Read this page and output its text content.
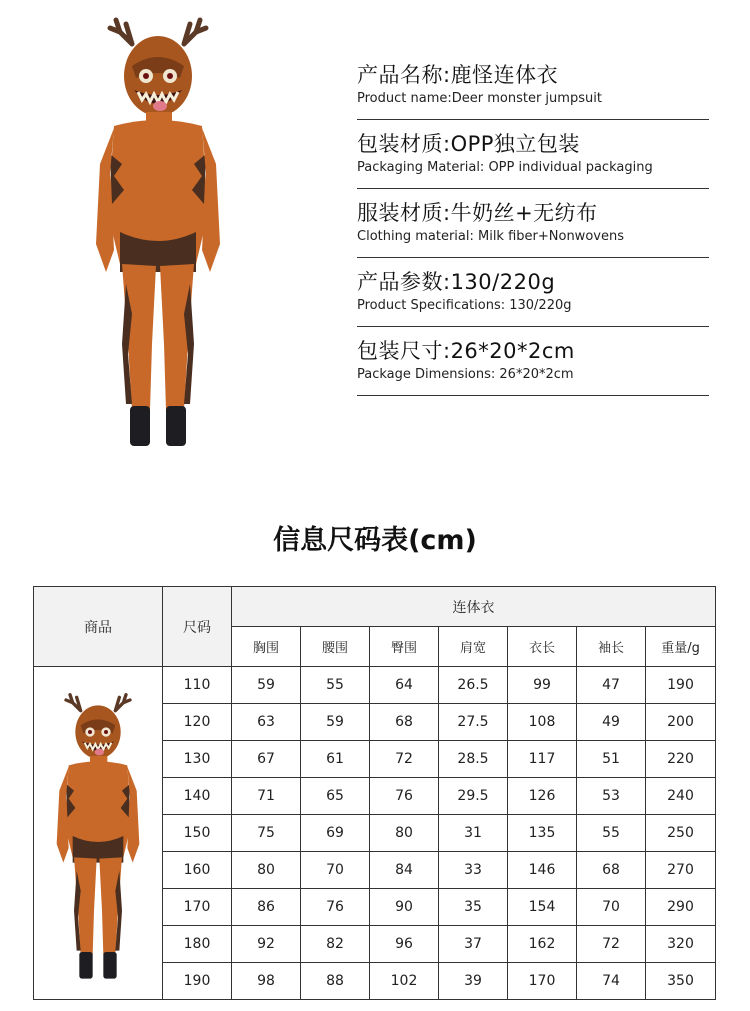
产品名称:鹿怪连体衣
Product name:Deer monster jumpsuit
包装材质:OPP独立包装
Packaging Material: OPP individual packaging
服装材质:牛奶丝+无纺布
Clothing material: Milk fiber+Nonwovens
产品参数:130/220g
Product Specifications: 130/220g
包装尺寸:26*20*2cm
Package Dimensions: 26*20*2cm
信息尺码表(cm)
商品	尺码	连体衣						
		胸围	腰围	臀围	肩宽	衣长	袖长	重量/g

	110	59	55	64	26.5	99	47	190
	120	63	59	68	27.5	108	49	200
	130	67	61	72	28.5	117	51	220
	140	71	65	76	29.5	126	53	240
	150	75	69	80	31	135	55	250
	160	80	70	84	33	146	68	270
	170	86	76	90	35	154	70	290
	180	92	82	96	37	162	72	320
	190	98	88	102	39	170	74	350
